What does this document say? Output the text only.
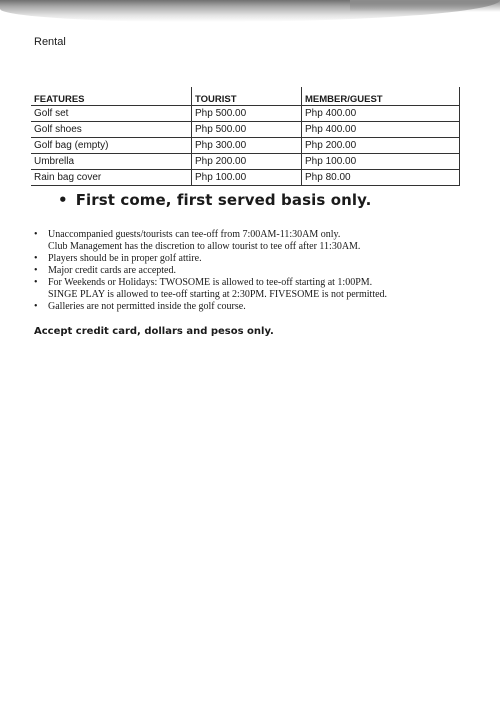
Rental
FEATURES	TOURIST	MEMBER/GUEST
Golf set	Php 500.00	Php 400.00
Golf shoes	Php 500.00	Php 400.00
Golf bag (empty)	Php 300.00	Php 200.00
Umbrella	Php 200.00	Php 100.00
Rain bag cover	Php 100.00	Php 80.00
• First come, first served basis only.
• Unaccompanied guests/tourists can tee-off from 7:00AM-11:30AM only.
Club Management has the discretion to allow tourist to tee off after 11:30AM.
• Players should be in proper golf attire.
• Major credit cards are accepted.
• For Weekends or Holidays: TWOSOME is allowed to tee-off starting at 1:00PM.
SINGE PLAY is allowed to tee-off starting at 2:30PM. FIVESOME is not permitted.
• Galleries are not permitted inside the golf course.
Accept credit card, dollars and pesos only.
